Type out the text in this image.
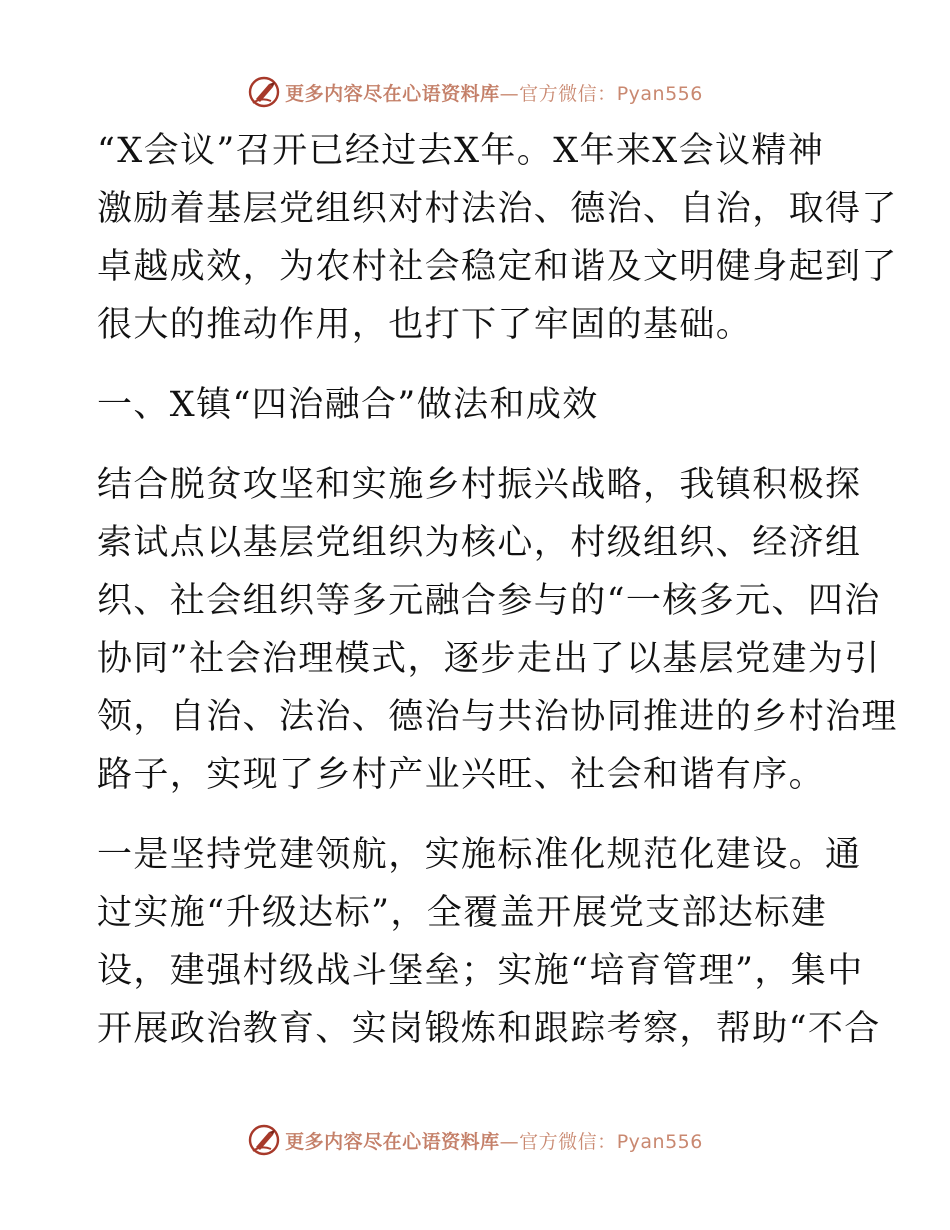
更多内容尽在心语资料库—官方微信：Pyan556
“X会议”召开已经过去X年。X年来X会议精神
激励着基层党组织对村法治、德治、自治，取得了
卓越成效，为农村社会稳定和谐及文明健身起到了
很大的推动作用，也打下了牢固的基础。
一、X镇“四治融合”做法和成效
结合脱贫攻坚和实施乡村振兴战略，我镇积极探
索试点以基层党组织为核心，村级组织、经济组
织、社会组织等多元融合参与的“一核多元、四治
协同”社会治理模式，逐步走出了以基层党建为引
领，自治、法治、德治与共治协同推进的乡村治理
路子，实现了乡村产业兴旺、社会和谐有序。
一是坚持党建领航，实施标准化规范化建设。通
过实施“升级达标”，全覆盖开展党支部达标建
设，建强村级战斗堡垒；实施“培育管理”，集中
开展政治教育、实岗锻炼和跟踪考察，帮助“不合
更多内容尽在心语资料库—官方微信：Pyan556
